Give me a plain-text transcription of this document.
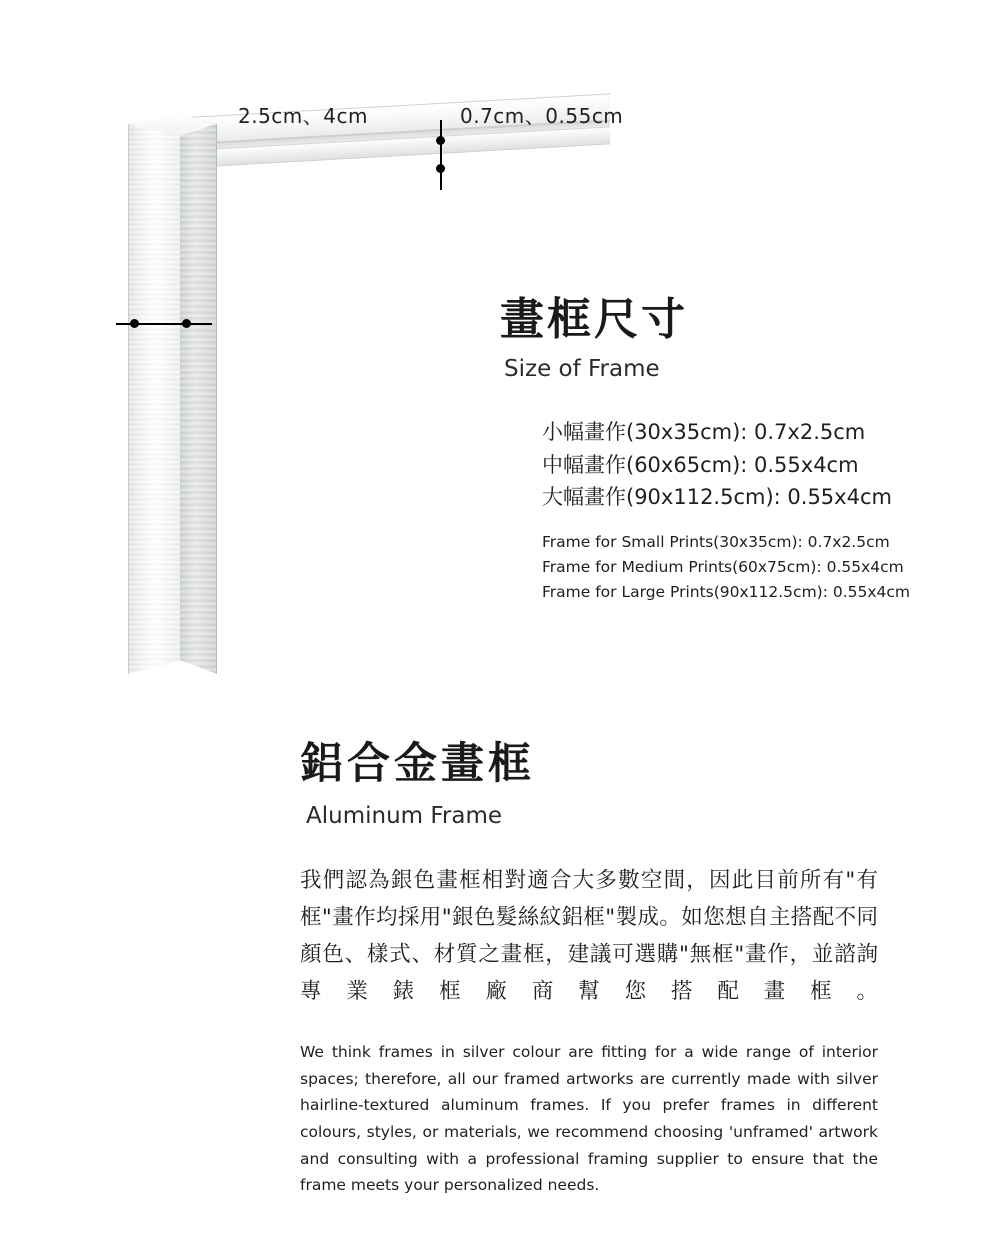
0.7cm、0.55cm
2.5cm、4cm
畫框尺寸
Size of Frame
小幅畫作(30x35cm): 0.7x2.5cm
中幅畫作(60x65cm): 0.55x4cm
大幅畫作(90x112.5cm): 0.55x4cm
Frame for Small Prints(30x35cm): 0.7x2.5cm
Frame for Medium Prints(60x75cm): 0.55x4cm
Frame for Large Prints(90x112.5cm): 0.55x4cm
鋁合金畫框
Aluminum Frame

我們認為銀色畫框相對適合大多數空間，因此目前所有"有框"畫作均採用"銀色髮絲紋鋁框"製成。如您想自主搭配不同顏色、樣式、材質之畫框，建議可選購"無框"畫作，並諮詢專業錶框廠商幫您搭配畫框。

We think frames in silver colour are fitting for a wide range of interior spaces; therefore, all our framed artworks are currently made with silver hairline-textured aluminum frames. If you prefer frames in different colours, styles, or materials, we recommend choosing 'unframed' artwork and consulting with a professional framing supplier to ensure that the frame meets your personalized needs.
